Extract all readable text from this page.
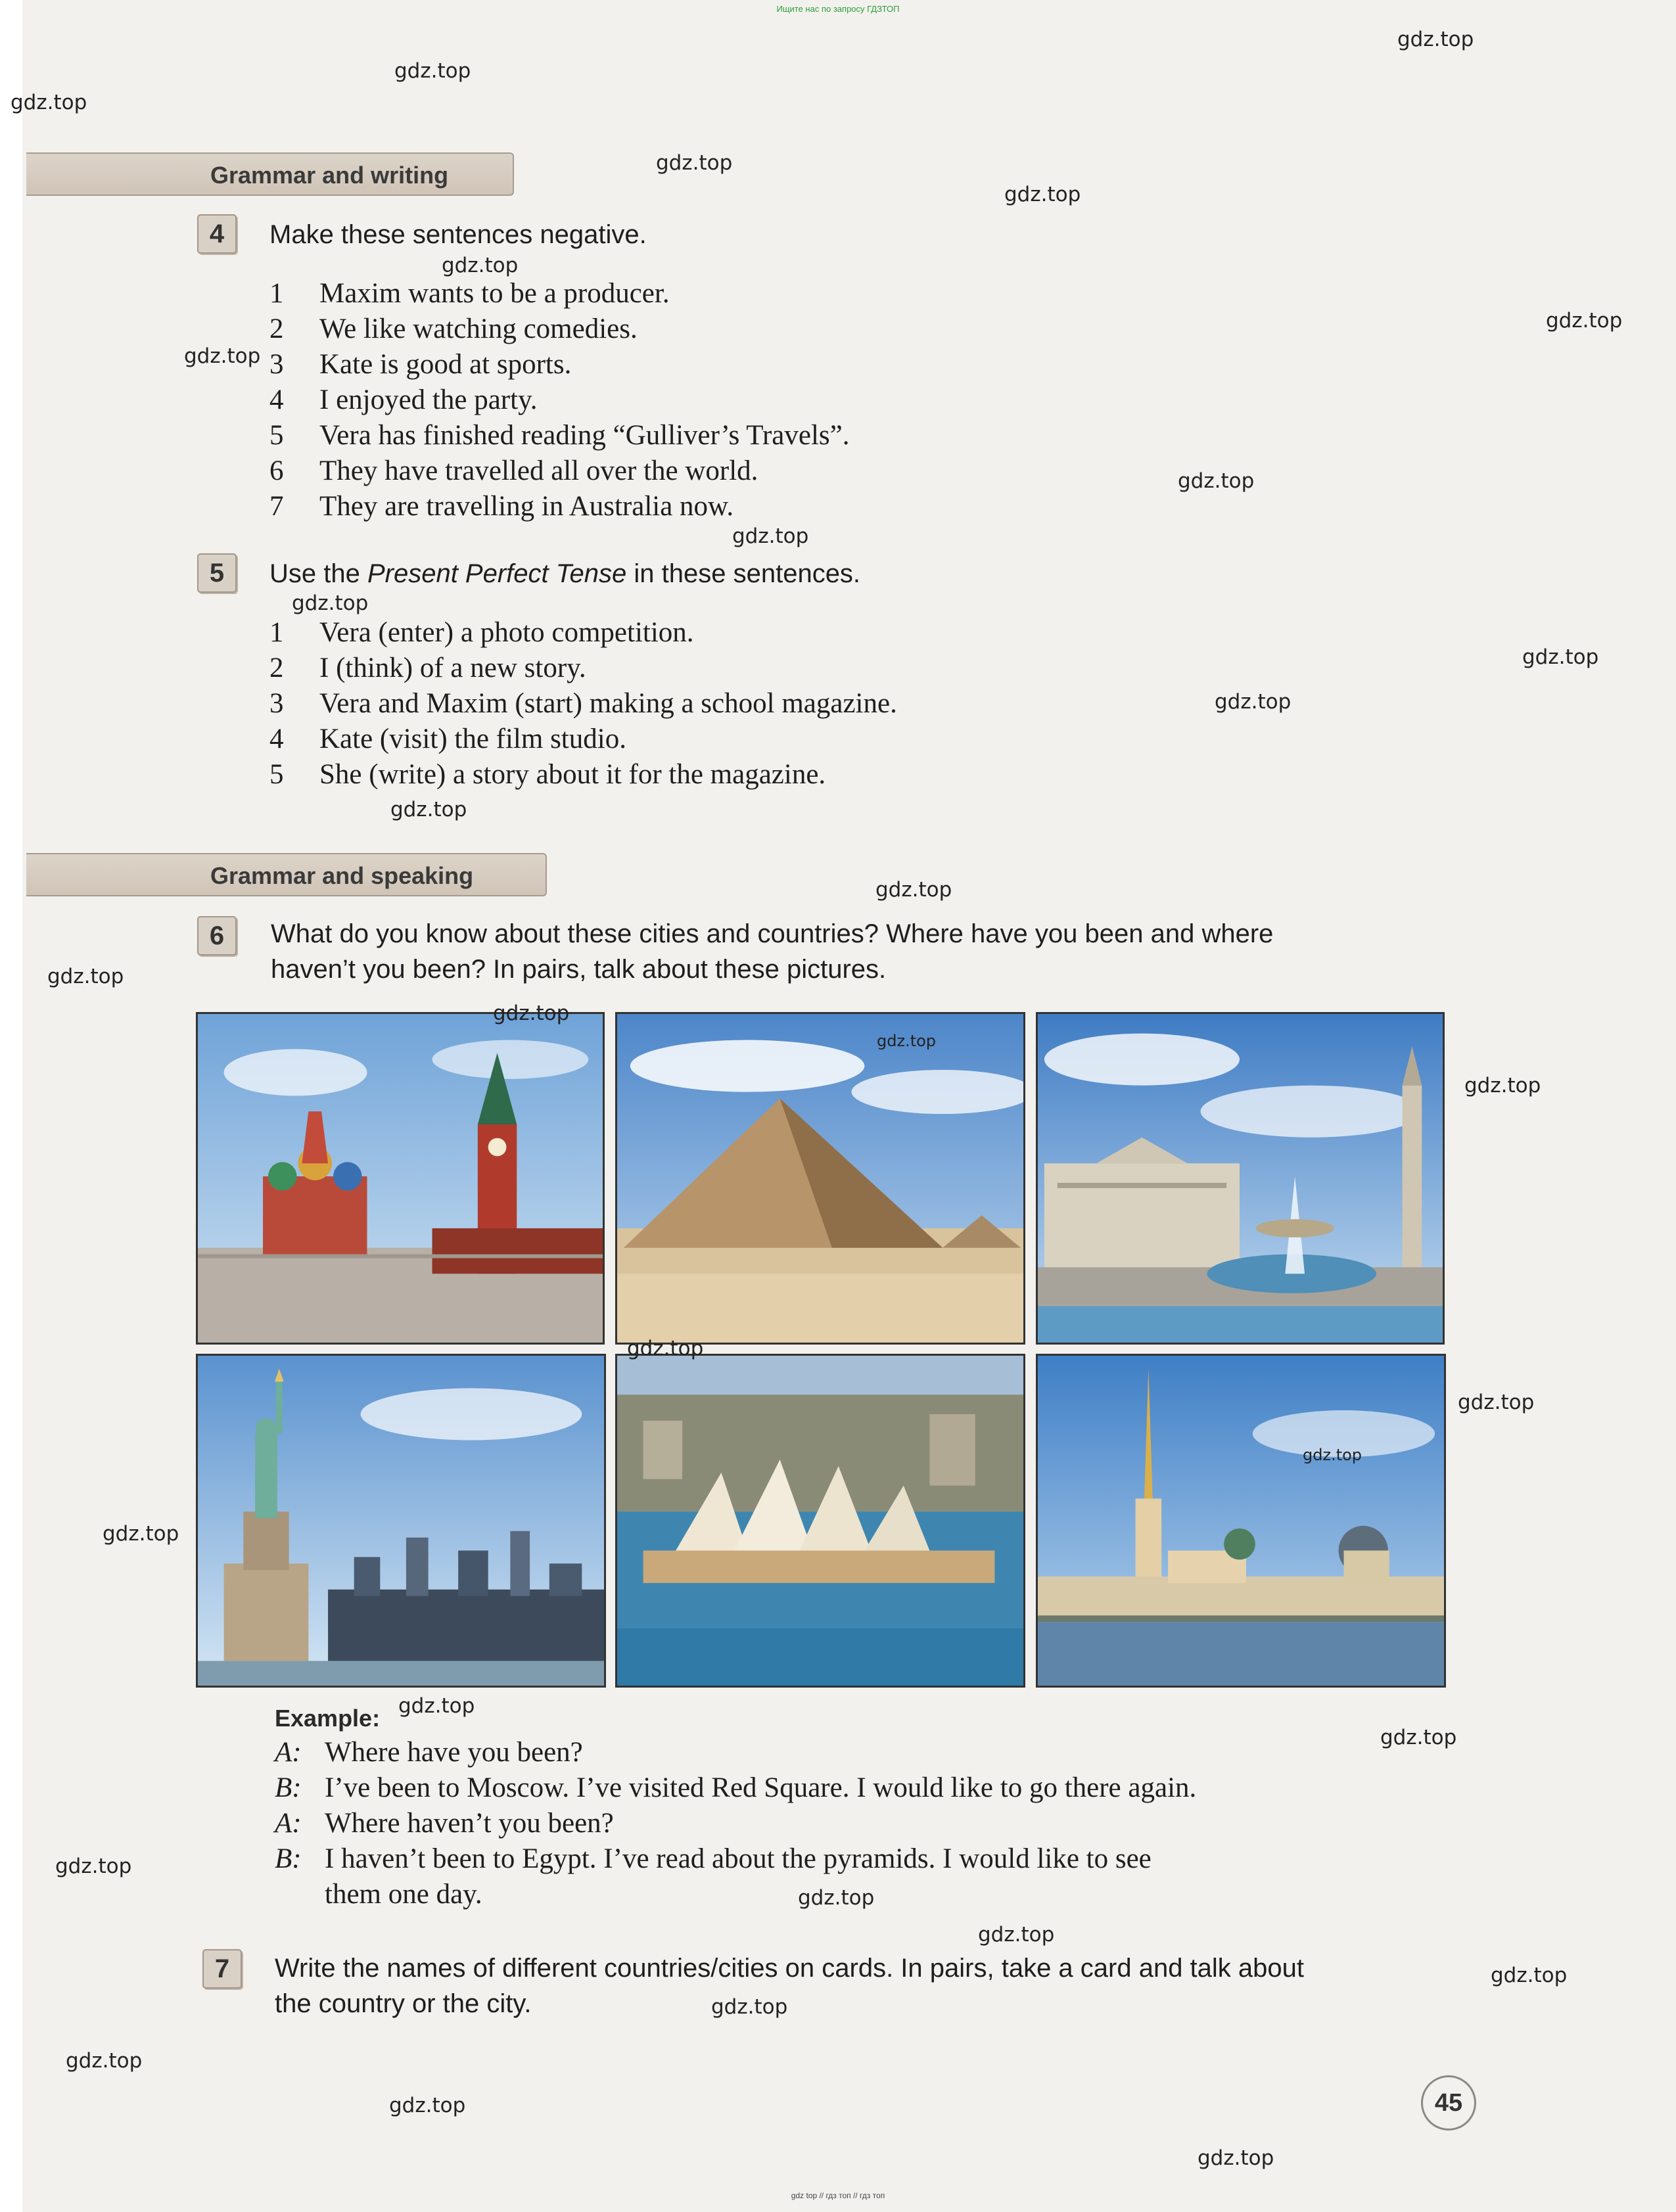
Ищите нас по запросу ГДЗТОП
Grammar and writing
4	Make these sentences negative.
1 Maxim wants to be a producer.
2 We like watching comedies.
3 Kate is good at sports.
4 I enjoyed the party.
5 Vera has finished reading “Gulliver’s Travels”.
6 They have travelled all over the world.
7 They are travelling in Australia now.
5	Use the Present Perfect Tense in these sentences.
1 Vera (enter) a photo competition.
2 I (think) of a new story.
3 Vera and Maxim (start) making a school magazine.
4 Kate (visit) the film studio.
5 She (write) a story about it for the magazine.
Grammar and speaking
6	What do you know about these cities and countries? Where have you been and where
haven’t you been? In pairs, talk about these pictures.
Example:
A: Where have you been?
B: I’ve been to Moscow. I’ve visited Red Square. I would like to go there again.
A: Where haven’t you been?
B: I haven’t been to Egypt. I’ve read about the pyramids. I would like to see
them one day.
7	Write the names of different countries/cities on cards. In pairs, take a card and talk about
the country or the city.
45
gdz top // гдз топ // гдз топ
gdz.top
gdz.top
gdz.top
gdz.top
gdz.top
gdz.top
gdz.top
gdz.top
gdz.top
gdz.top
gdz.top
gdz.top
gdz.top
gdz.top
gdz.top
gdz.top
gdz.top
gdz.top
gdz.top
gdz.top
gdz.top
gdz.top
gdz.top
gdz.top
gdz.top
gdz.top
gdz.top
gdz.top
gdz.top
gdz.top
gdz.top
gdz.top
gdz.top
